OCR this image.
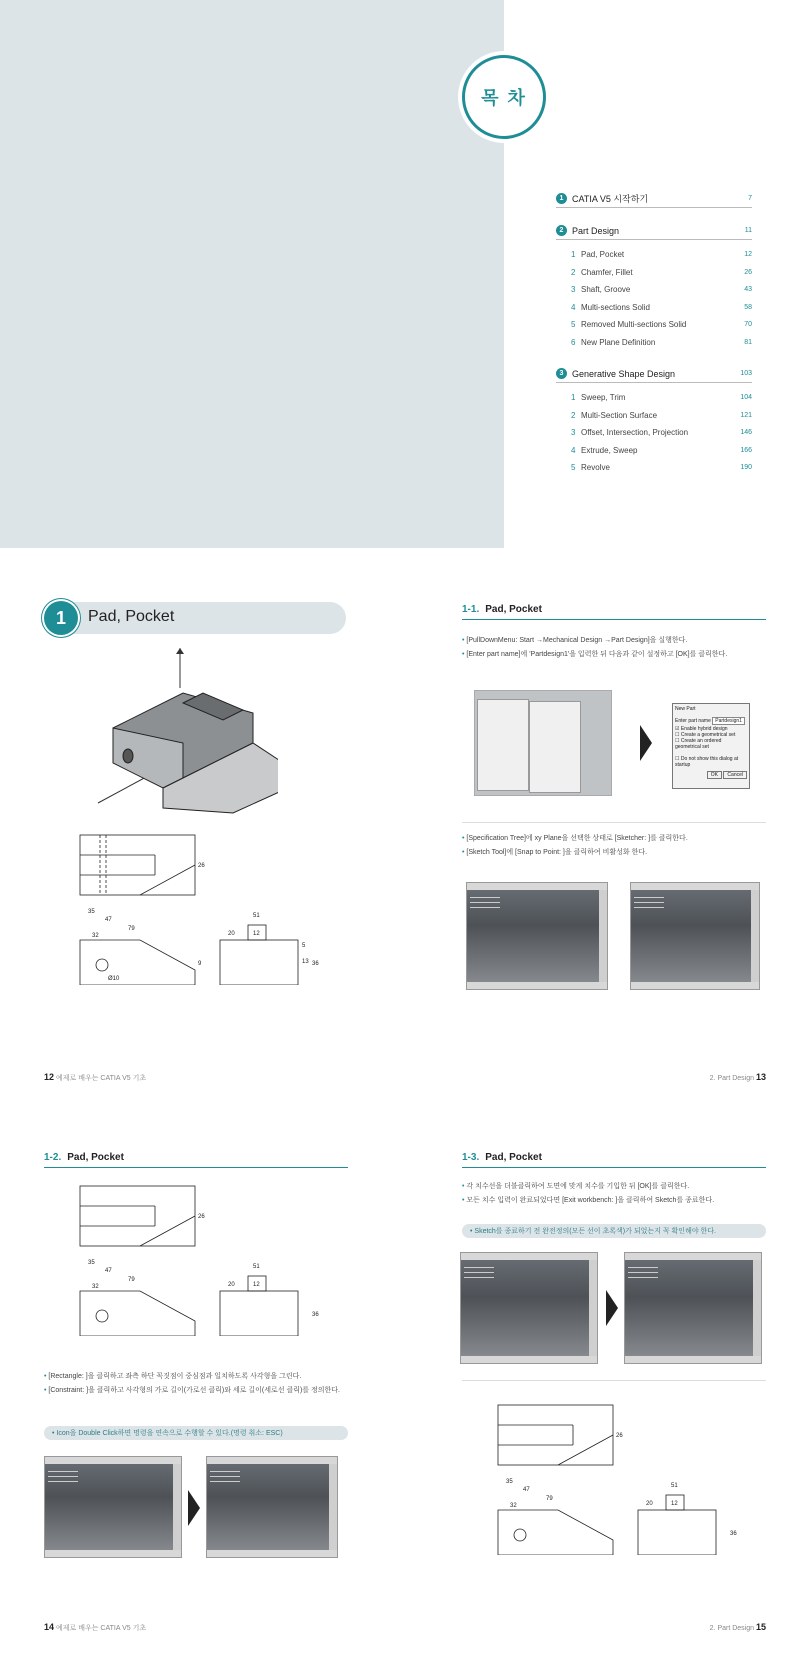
목 차
1 CATIA V5 시작하기	7
2 Part Design	11
1 Pad, Pocket	12
2 Chamfer, Fillet	26
3 Shaft, Groove	43
4 Multi-sections Solid	58
5 Removed Multi-sections Solid	70
6 New Plane Definition	81
3 Generative Shape Design	103
1 Sweep, Trim	104
2 Multi-Section Surface	121
3 Offset, Intersection, Projection	146
4 Extrude, Sweep	166
5 Revolve	190
1	Pad, Pocket
26
35
47
79
32
Ø10
9
51
20	12
5
13 36
12 예제로 배우는 CATIA V5 기초
1-1. Pad, Pocket
• [PullDownMenu: Start →Mechanical Design →Part Design]을 실행한다.
• [Enter part name]에 'Partdesign1'을 입력한 뒤 다음과 같이 설정하고 [OK]를 클릭한다.
New Part
Enter part name Partdesign1
☑ Enable hybrid design
☐ Create a geometrical set
☐ Create an ordered geometrical set
☐ Do not show this dialog at startup
OK Cancel
• [Specification Tree]에 xy Plane을 선택한 상태로 [Sketcher: ]를 클릭한다.
• [Sketch Tool]에 [Snap to Point: ]을 클릭하여 비활성화 한다.
2. Part Design 13
1-2. Pad, Pocket
26
35
47
79
32
51
20	12
36
• [Rectangle: ]을 클릭하고 좌측 하단 꼭짓점이 중심점과 일치하도록 사각형을 그린다.
• [Constraint: ]을 클릭하고 사각형의 가로 길이(가로선 클릭)와 세로 길이(세로선 클릭)를 정의한다.
• Icon을 Double Click하면 명령을 연속으로 수행할 수 있다.(명령 취소: ESC)
14 예제로 배우는 CATIA V5 기초
1-3. Pad, Pocket
• 각 치수선을 더블클릭하여 도면에 맞게 치수를 기입한 뒤 [OK]를 클릭한다.
• 모든 치수 입력이 완료되었다면 [Exit workbench: ]을 클릭하여 Sketch를 종료한다.
• Sketch를 종료하기 전 완전정의(모든 선이 초록색)가 되었는지 꼭 확인해야 한다.
26
35
47
79
32
51
20	12
36
2. Part Design 15
